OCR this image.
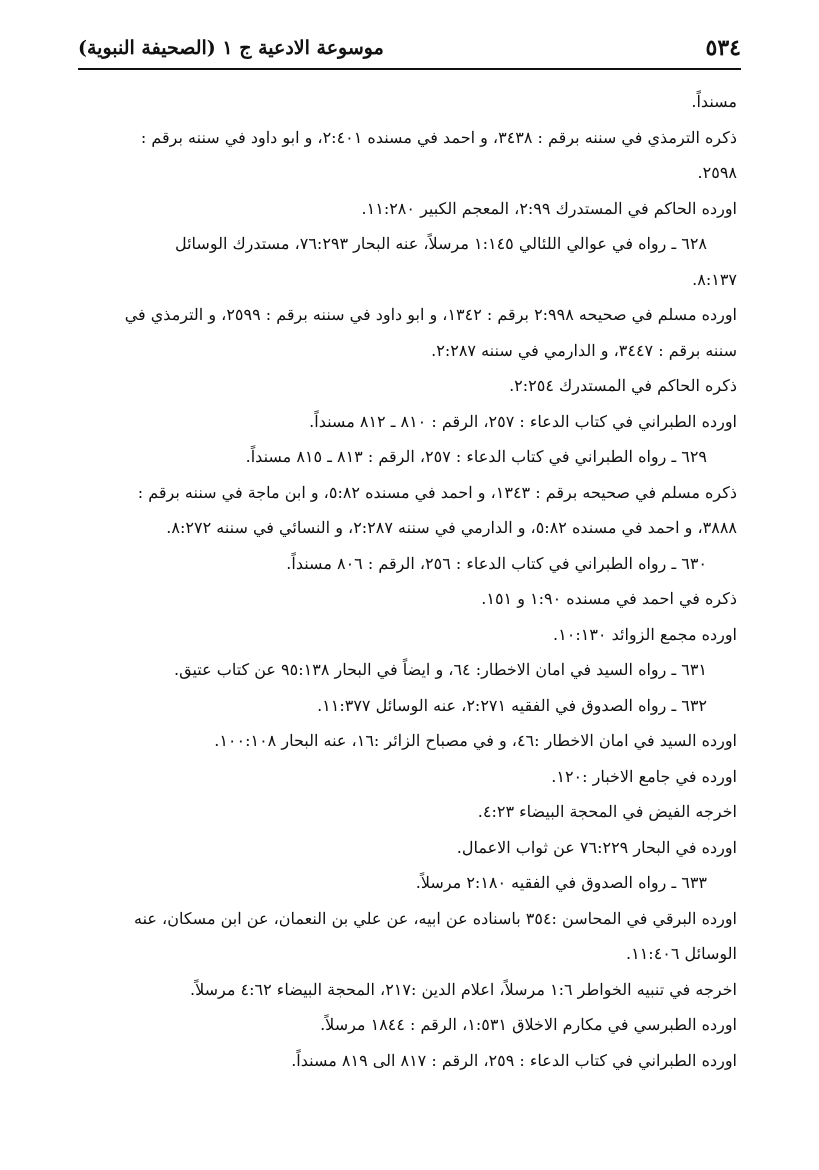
٥٣٤
موسوعة الادعية ج ١ (الصحيفة النبوية)

مسنداً.

ذكره الترمذي في سننه برقم : ٣٤٣٨، و احمد في مسنده ٢:٤٠١، و ابو داود في سننه برقم :

٢٥٩٨.

اورده الحاكم في المستدرك ٢:٩٩، المعجم الكبير ١١:٢٨٠.

٦٢٨ ـ رواه في عوالي اللئالي ١:١٤٥ مرسلاً، عنه البحار ٧٦:٢٩٣، مستدرك الوسائل

٨:١٣٧.

اورده مسلم في صحيحه ٢:٩٩٨ برقم : ١٣٤٢، و ابو داود في سننه برقم : ٢٥٩٩، و الترمذي في

سننه برقم : ٣٤٤٧، و الدارمي في سننه ٢:٢٨٧.

ذكره الحاكم في المستدرك ٢:٢٥٤.

اورده الطبراني في كتاب الدعاء : ٢٥٧، الرقم : ٨١٠ ـ ٨١٢ مسنداً.

٦٢٩ ـ رواه الطبراني في كتاب الدعاء : ٢٥٧، الرقم : ٨١٣ ـ ٨١٥ مسنداً.

ذكره مسلم في صحيحه برقم : ١٣٤٣، و احمد في مسنده ٥:٨٢، و ابن ماجة في سننه برقم :

٣٨٨٨، و احمد في مسنده ٥:٨٢، و الدارمي في سننه ٢:٢٨٧، و النسائي في سننه ٨:٢٧٢.

٦٣٠ ـ رواه الطبراني في كتاب الدعاء : ٢٥٦، الرقم : ٨٠٦ مسنداً.

ذكره في احمد في مسنده ١:٩٠ و ١٥١.

اورده مجمع الزوائد ١٠:١٣٠.

٦٣١ ـ رواه السيد في امان الاخطار: ٦٤، و ايضاً في البحار ٩٥:١٣٨ عن كتاب عتيق.

٦٣٢ ـ رواه الصدوق في الفقيه ٢:٢٧١، عنه الوسائل ١١:٣٧٧.

اورده السيد في امان الاخطار :٤٦، و في مصباح الزائر :١٦، عنه البحار ١٠٠:١٠٨.

اورده في جامع الاخبار :١٢٠.

اخرجه الفيض في المحجة البيضاء ٤:٢٣.

اورده في البحار ٧٦:٢٢٩ عن ثواب الاعمال.

٦٣٣ ـ رواه الصدوق في الفقيه ٢:١٨٠ مرسلاً.

اورده البرقي في المحاسن :٣٥٤ باسناده عن ابيه، عن علي بن النعمان، عن ابن مسكان، عنه

الوسائل ١١:٤٠٦.

اخرجه في تنبيه الخواطر ١:٦ مرسلاً، اعلام الدين :٢١٧، المحجة البيضاء ٤:٦٢ مرسلاً.

اورده الطبرسي في مكارم الاخلاق ١:٥٣١، الرقم : ١٨٤٤ مرسلاً.

اورده الطبراني في كتاب الدعاء : ٢٥٩، الرقم : ٨١٧ الى ٨١٩ مسنداً.
